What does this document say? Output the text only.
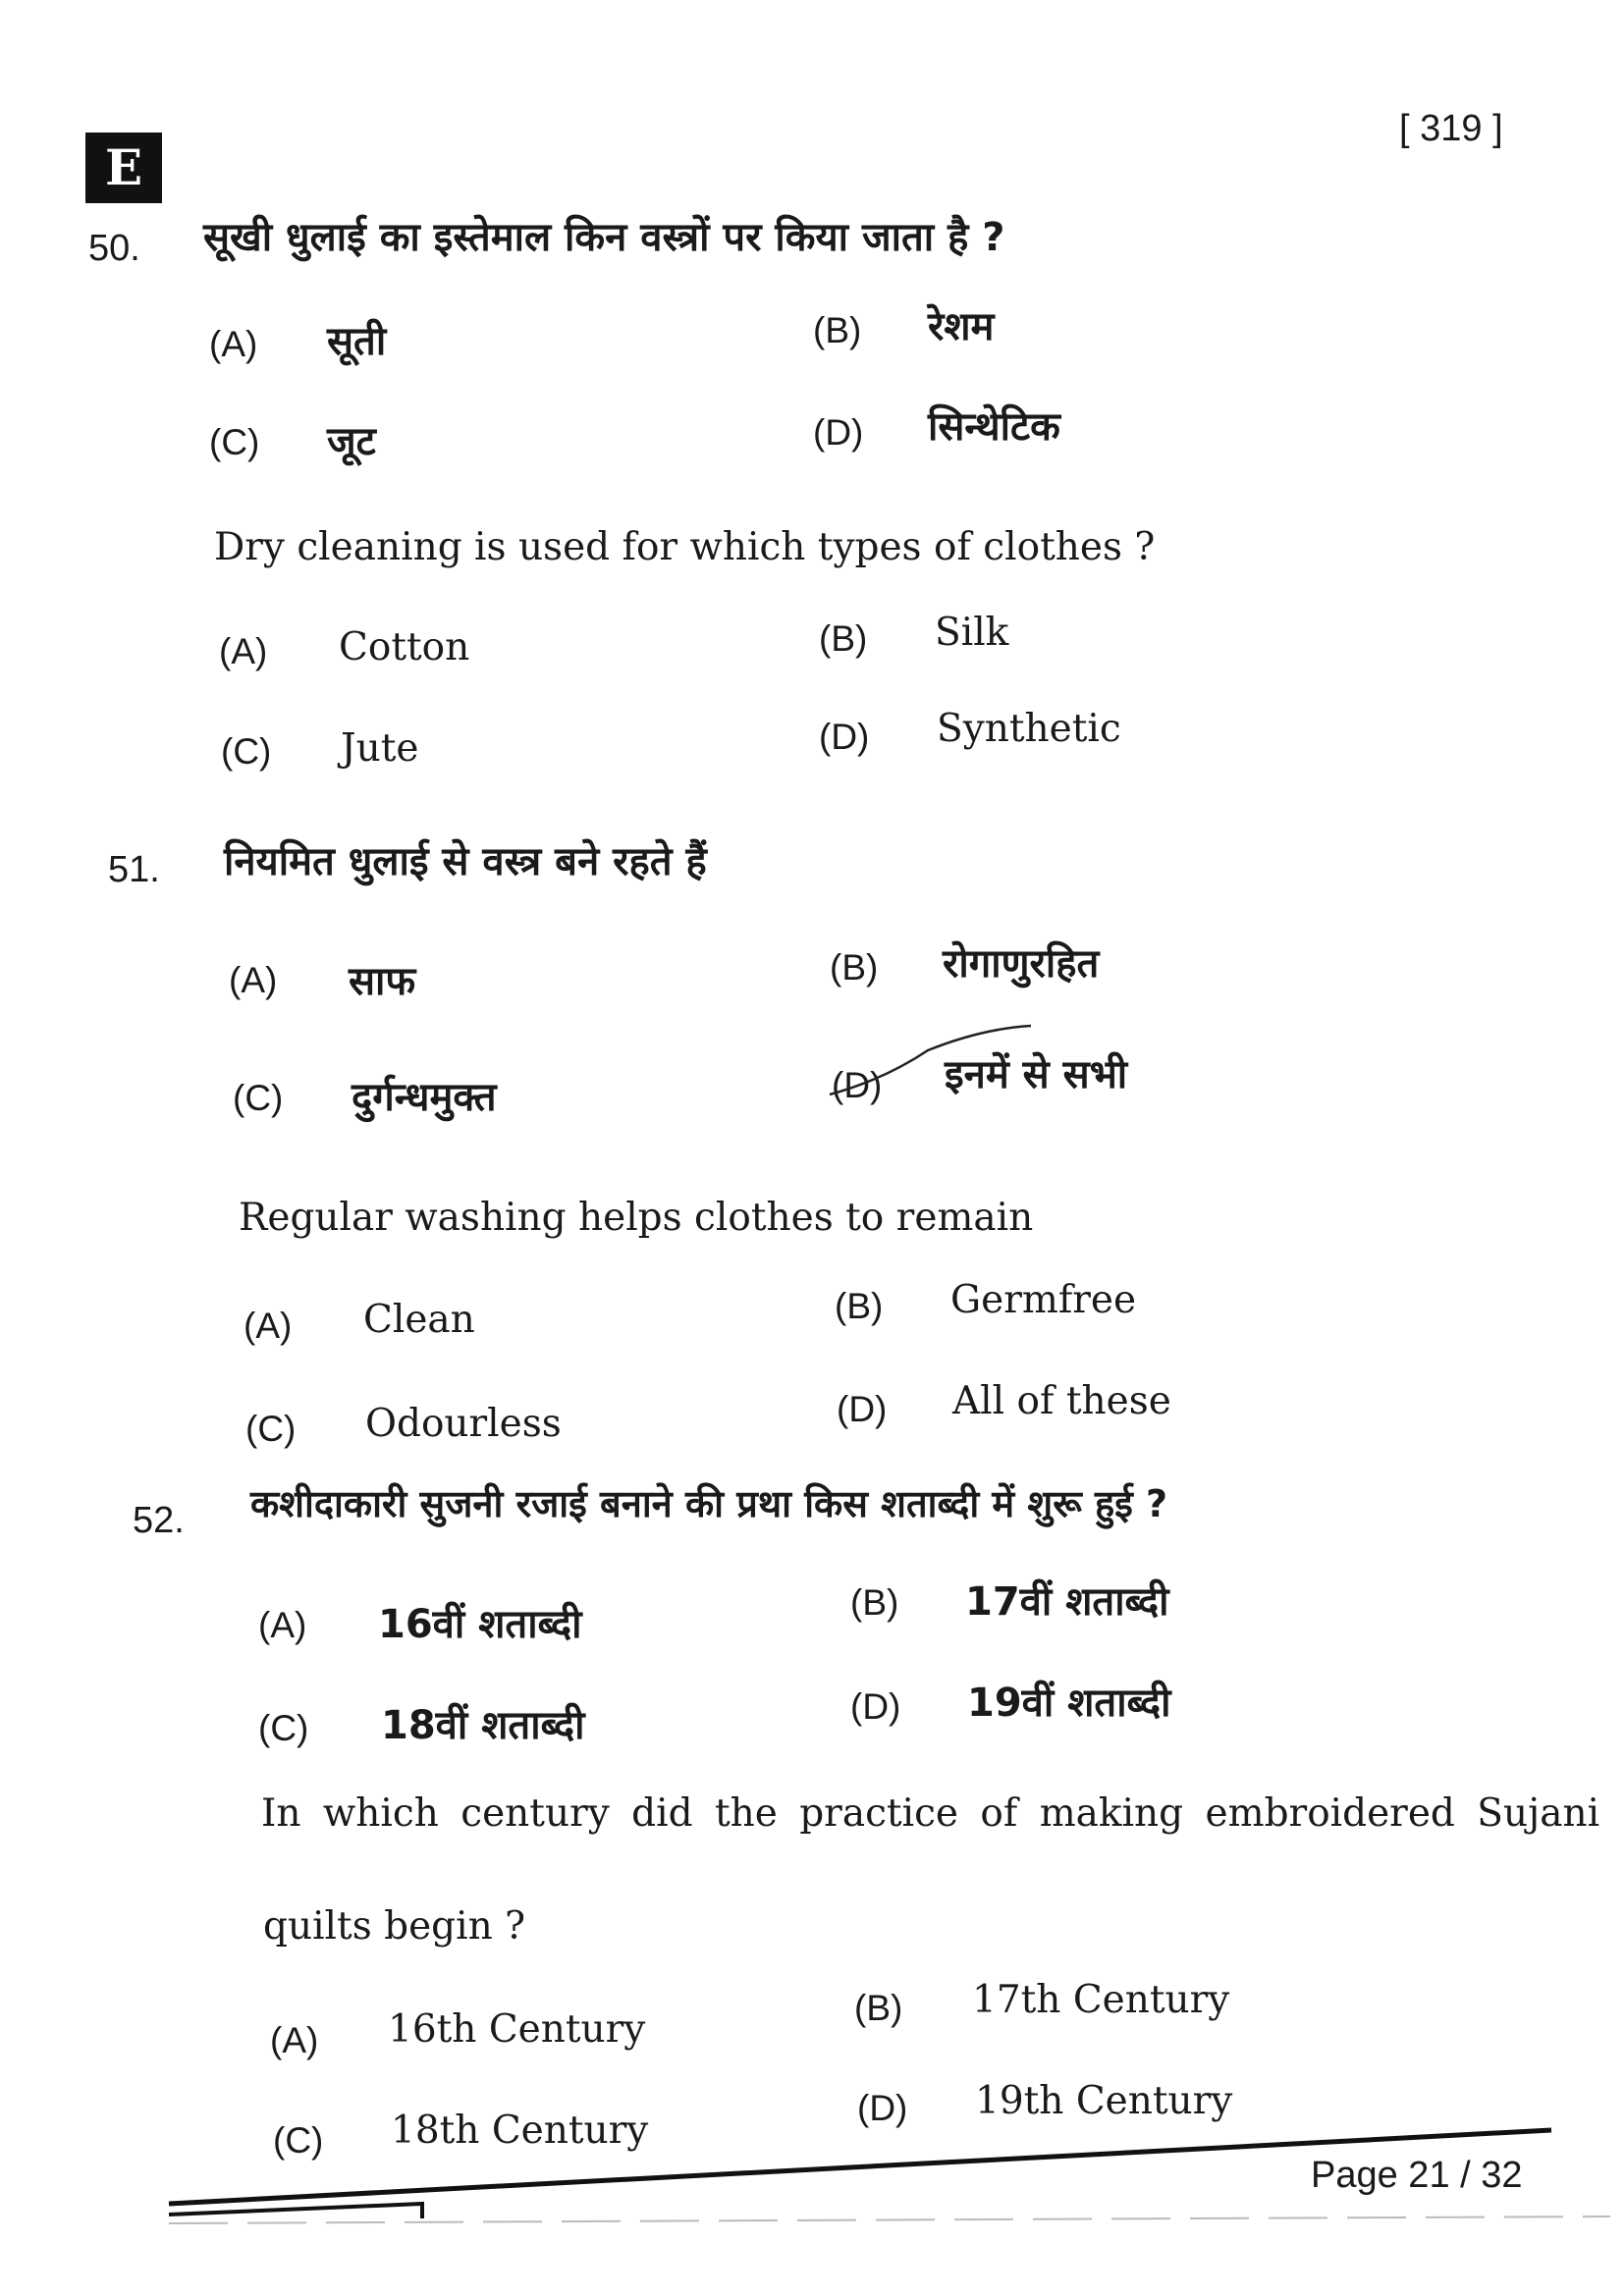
E
[ 319 ]
50. सूखी धुलाई का इस्तेमाल किन वस्त्रों पर किया जाता है ?
(A) सूती	(B) रेशम
(C) जूट	(D) सिन्थेटिक
Dry cleaning is used for which types of clothes ?
(A) Cotton	(B) Silk
(C) Jute	(D) Synthetic
51. नियमित धुलाई से वस्त्र बने रहते हैं
(A) साफ	(B) रोगाणुरहित
(C) दुर्गन्धमुक्त	(D) इनमें से सभी
Regular washing helps clothes to remain
(A) Clean	(B) Germfree
(C) Odourless	(D) All of these
52. कशीदाकारी सुजनी रजाई बनाने की प्रथा किस शताब्दी में शुरू हुई ?
(A) 16वीं शताब्दी	(B) 17वीं शताब्दी
(C) 18वीं शताब्दी	(D) 19वीं शताब्दी
In which century did the practice of making embroidered Sujani
quilts begin ?
(A) 16th Century	(B) 17th Century
(C) 18th Century
(D) 19th Century
Page 21 / 32
